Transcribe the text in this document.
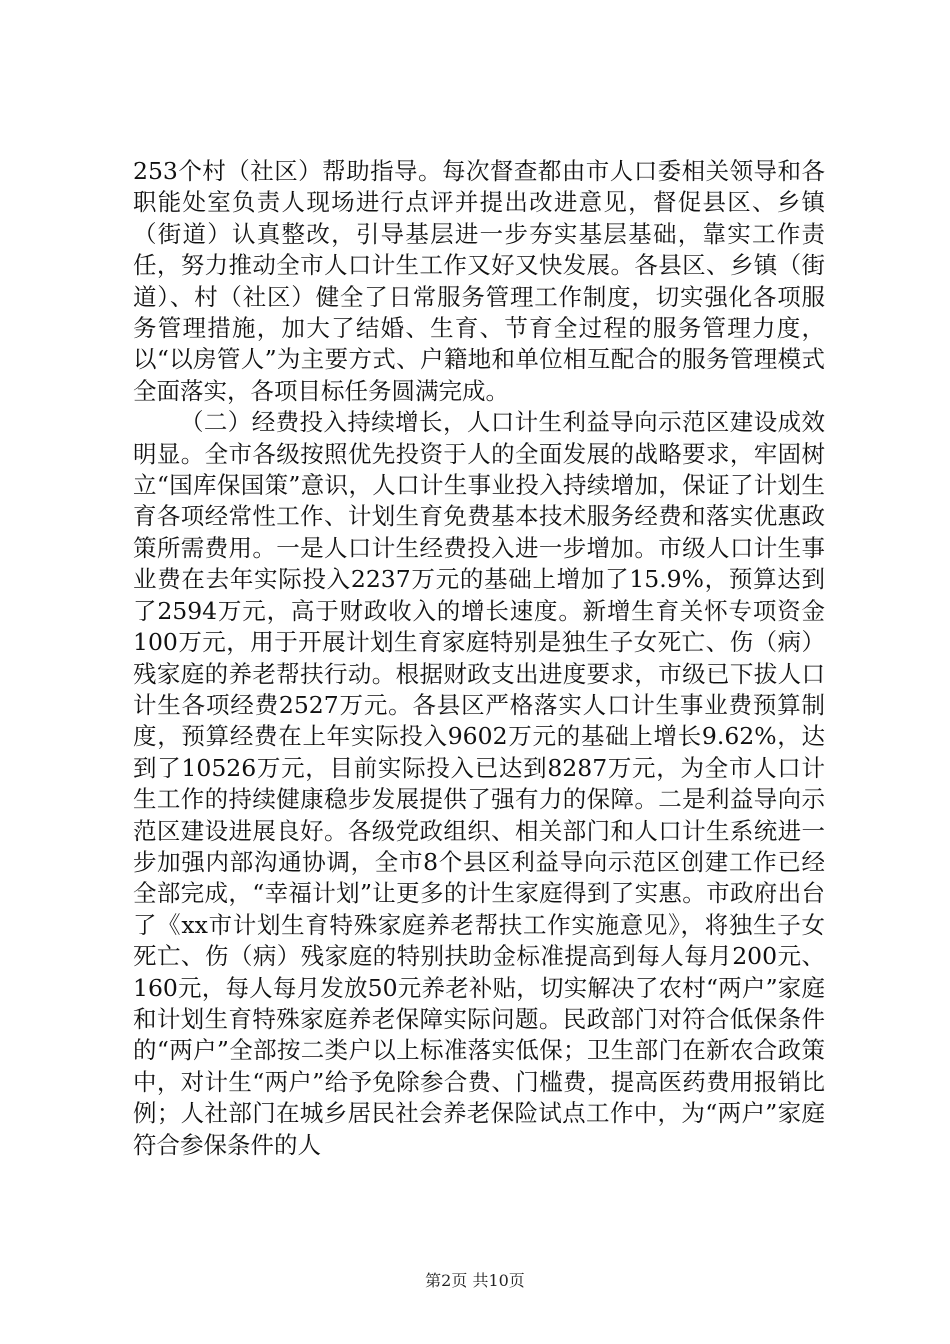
253个村（社区）帮助指导。每次督查都由市人口委相关领导和各职能处室负责人现场进行点评并提出改进意见，督促县区、乡镇（街道）认真整改，引导基层进一步夯实基层基础，靠实工作责任，努力推动全市人口计生工作又好又快发展。各县区、乡镇（街道）、村（社区）健全了日常服务管理工作制度，切实强化各项服务管理措施，加大了结婚、生育、节育全过程的服务管理力度，以“以房管人”为主要方式、户籍地和单位相互配合的服务管理模式全面落实，各项目标任务圆满完成。

（二）经费投入持续增长，人口计生利益导向示范区建设成效明显。全市各级按照优先投资于人的全面发展的战略要求，牢固树立“国库保国策”意识，人口计生事业投入持续增加，保证了计划生育各项经常性工作、计划生育免费基本技术服务经费和落实优惠政策所需费用。一是人口计生经费投入进一步增加。市级人口计生事业费在去年实际投入2237万元的基础上增加了15.9%，预算达到了2594万元，高于财政收入的增长速度。新增生育关怀专项资金100万元，用于开展计划生育家庭特别是独生子女死亡、伤（病）残家庭的养老帮扶行动。根据财政支出进度要求，市级已下拔人口计生各项经费2527万元。各县区严格落实人口计生事业费预算制度，预算经费在上年实际投入9602万元的基础上增长9.62%，达到了10526万元，目前实际投入已达到8287万元，为全市人口计生工作的持续健康稳步发展提供了强有力的保障。二是利益导向示范区建设进展良好。各级党政组织、相关部门和人口计生系统进一步加强内部沟通协调，全市8个县区利益导向示范区创建工作已经全部完成，“幸福计划”让更多的计生家庭得到了实惠。市政府出台了《xx市计划生育特殊家庭养老帮扶工作实施意见》，将独生子女死亡、伤（病）残家庭的特别扶助金标准提高到每人每月200元、160元，每人每月发放50元养老补贴，切实解决了农村“两户”家庭和计划生育特殊家庭养老保障实际问题。民政部门对符合低保条件的“两户”全部按二类户以上标准落实低保；卫生部门在新农合政策中，对计生“两户”给予免除参合费、门槛费，提高医药费用报销比例；人社部门在城乡居民社会养老保险试点工作中，为“两户”家庭符合参保条件的人

第2页 共10页
